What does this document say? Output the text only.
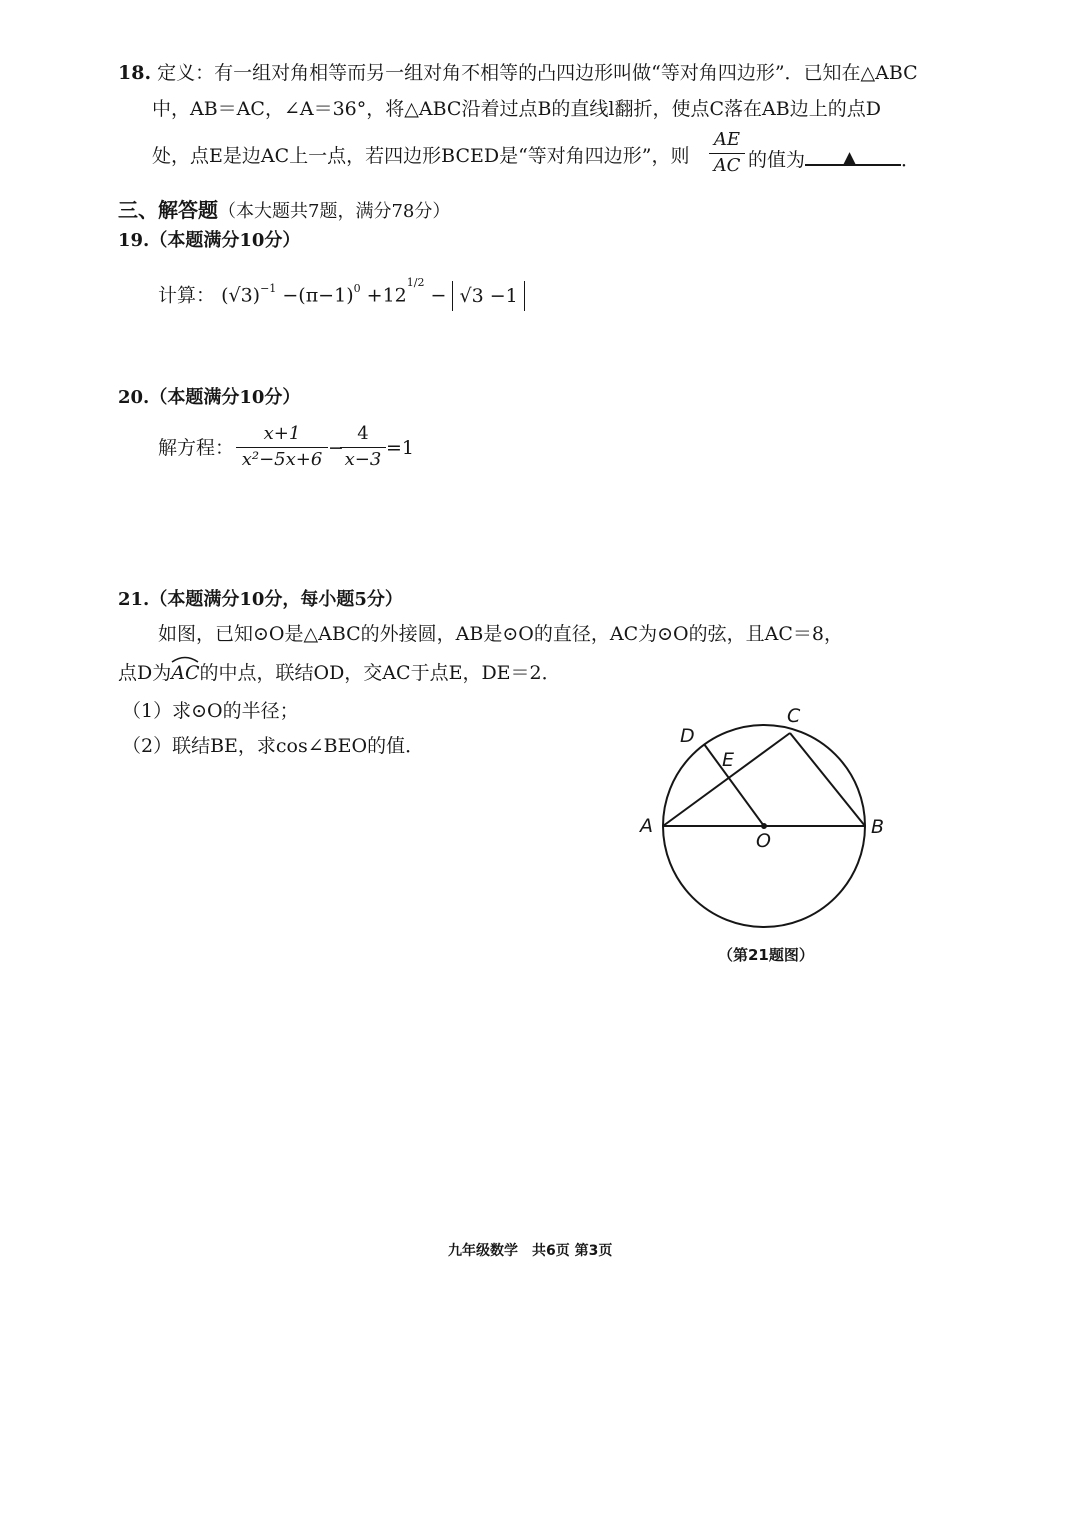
18. 定义：有一组对角相等而另一组对角不相等的凸四边形叫做“等对角四边形”．已知在△ABC
中，AB＝AC，∠A＝36°，将△ABC沿着过点B的直线l翻折，使点C落在AB边上的点D
处，点E是边AC上一点，若四边形BCED是“等对角四边形”，则
AE
AC 的值为 ▲ ．
三、解答题（本大题共7题，满分78分）
19.（本题满分10分）
计算： $(√3)^{-1} -(\pi-1)^0 +12^{1/2} - √3 -1$
20.（本题满分10分）
解方程：
x+1
x²−5x+6
−
4
x−3
=1
21.（本题满分10分，每小题5分）
如图，已知⊙O是△ABC的外接圆，AB是⊙O的直径，AC为⊙O的弦，且AC＝8，
点D为
AC的中点，联结OD，交AC于点E，DE＝2．
（1）求⊙O的半径；
（2）联结BE，求cos∠BEO的值．	D
C
E
A	B
O
（第21题图）
九年级数学　共6页 第3页
